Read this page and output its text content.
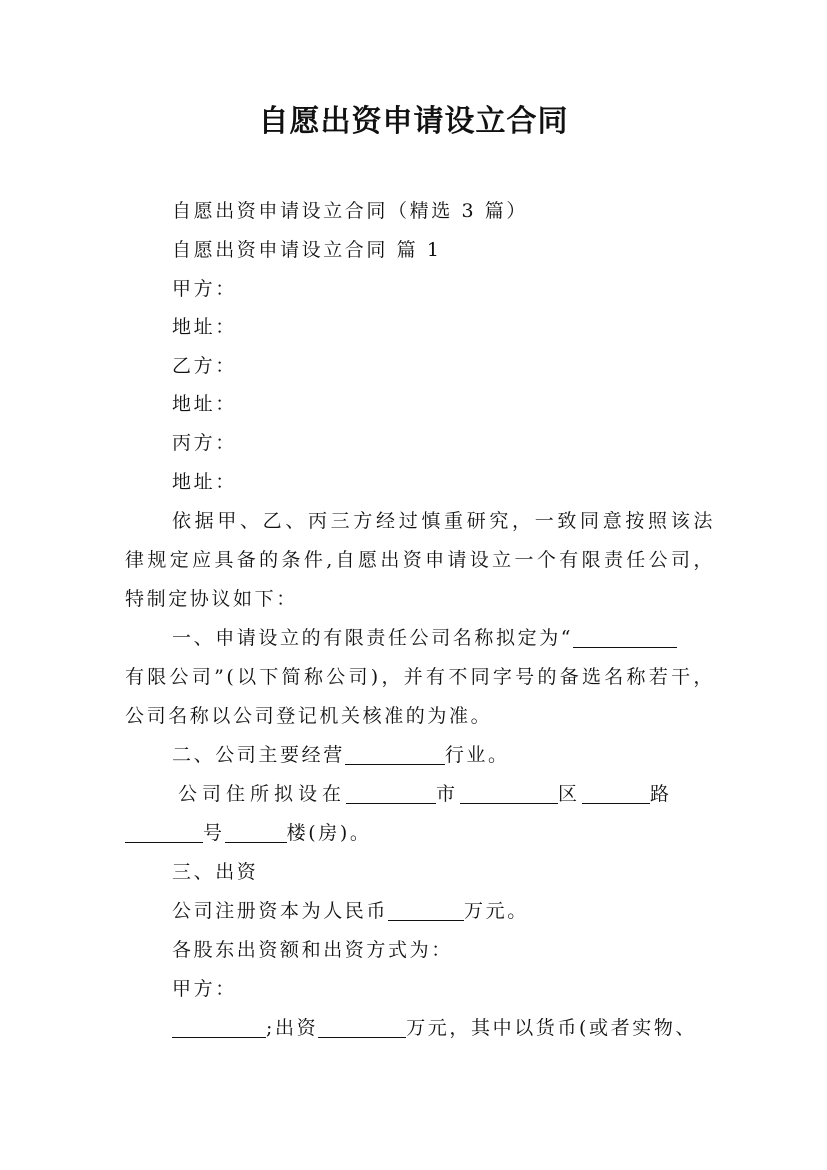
自愿出资申请设立合同
自愿出资申请设立合同（精选 3 篇）
自愿出资申请设立合同 篇 1
甲方：
地址：
乙方：
地址：
丙方：
地址：
依据甲、乙、丙三方经过慎重研究，一致同意按照该法
律规定应具备的条件,自愿出资申请设立一个有限责任公司，
特制定协议如下：
一、申请设立的有限责任公司名称拟定为“
有限公司”(以下简称公司)，并有不同字号的备选名称若干，
公司名称以公司登记机关核准的为准。
二、公司主要经营	行业。
公司住所拟设在	市	区	路
号	楼(房)。
三、出资
公司注册资本为人民币	万元。
各股东出资额和出资方式为：
甲方：
;出资	万元，其中以货币(或者实物、
